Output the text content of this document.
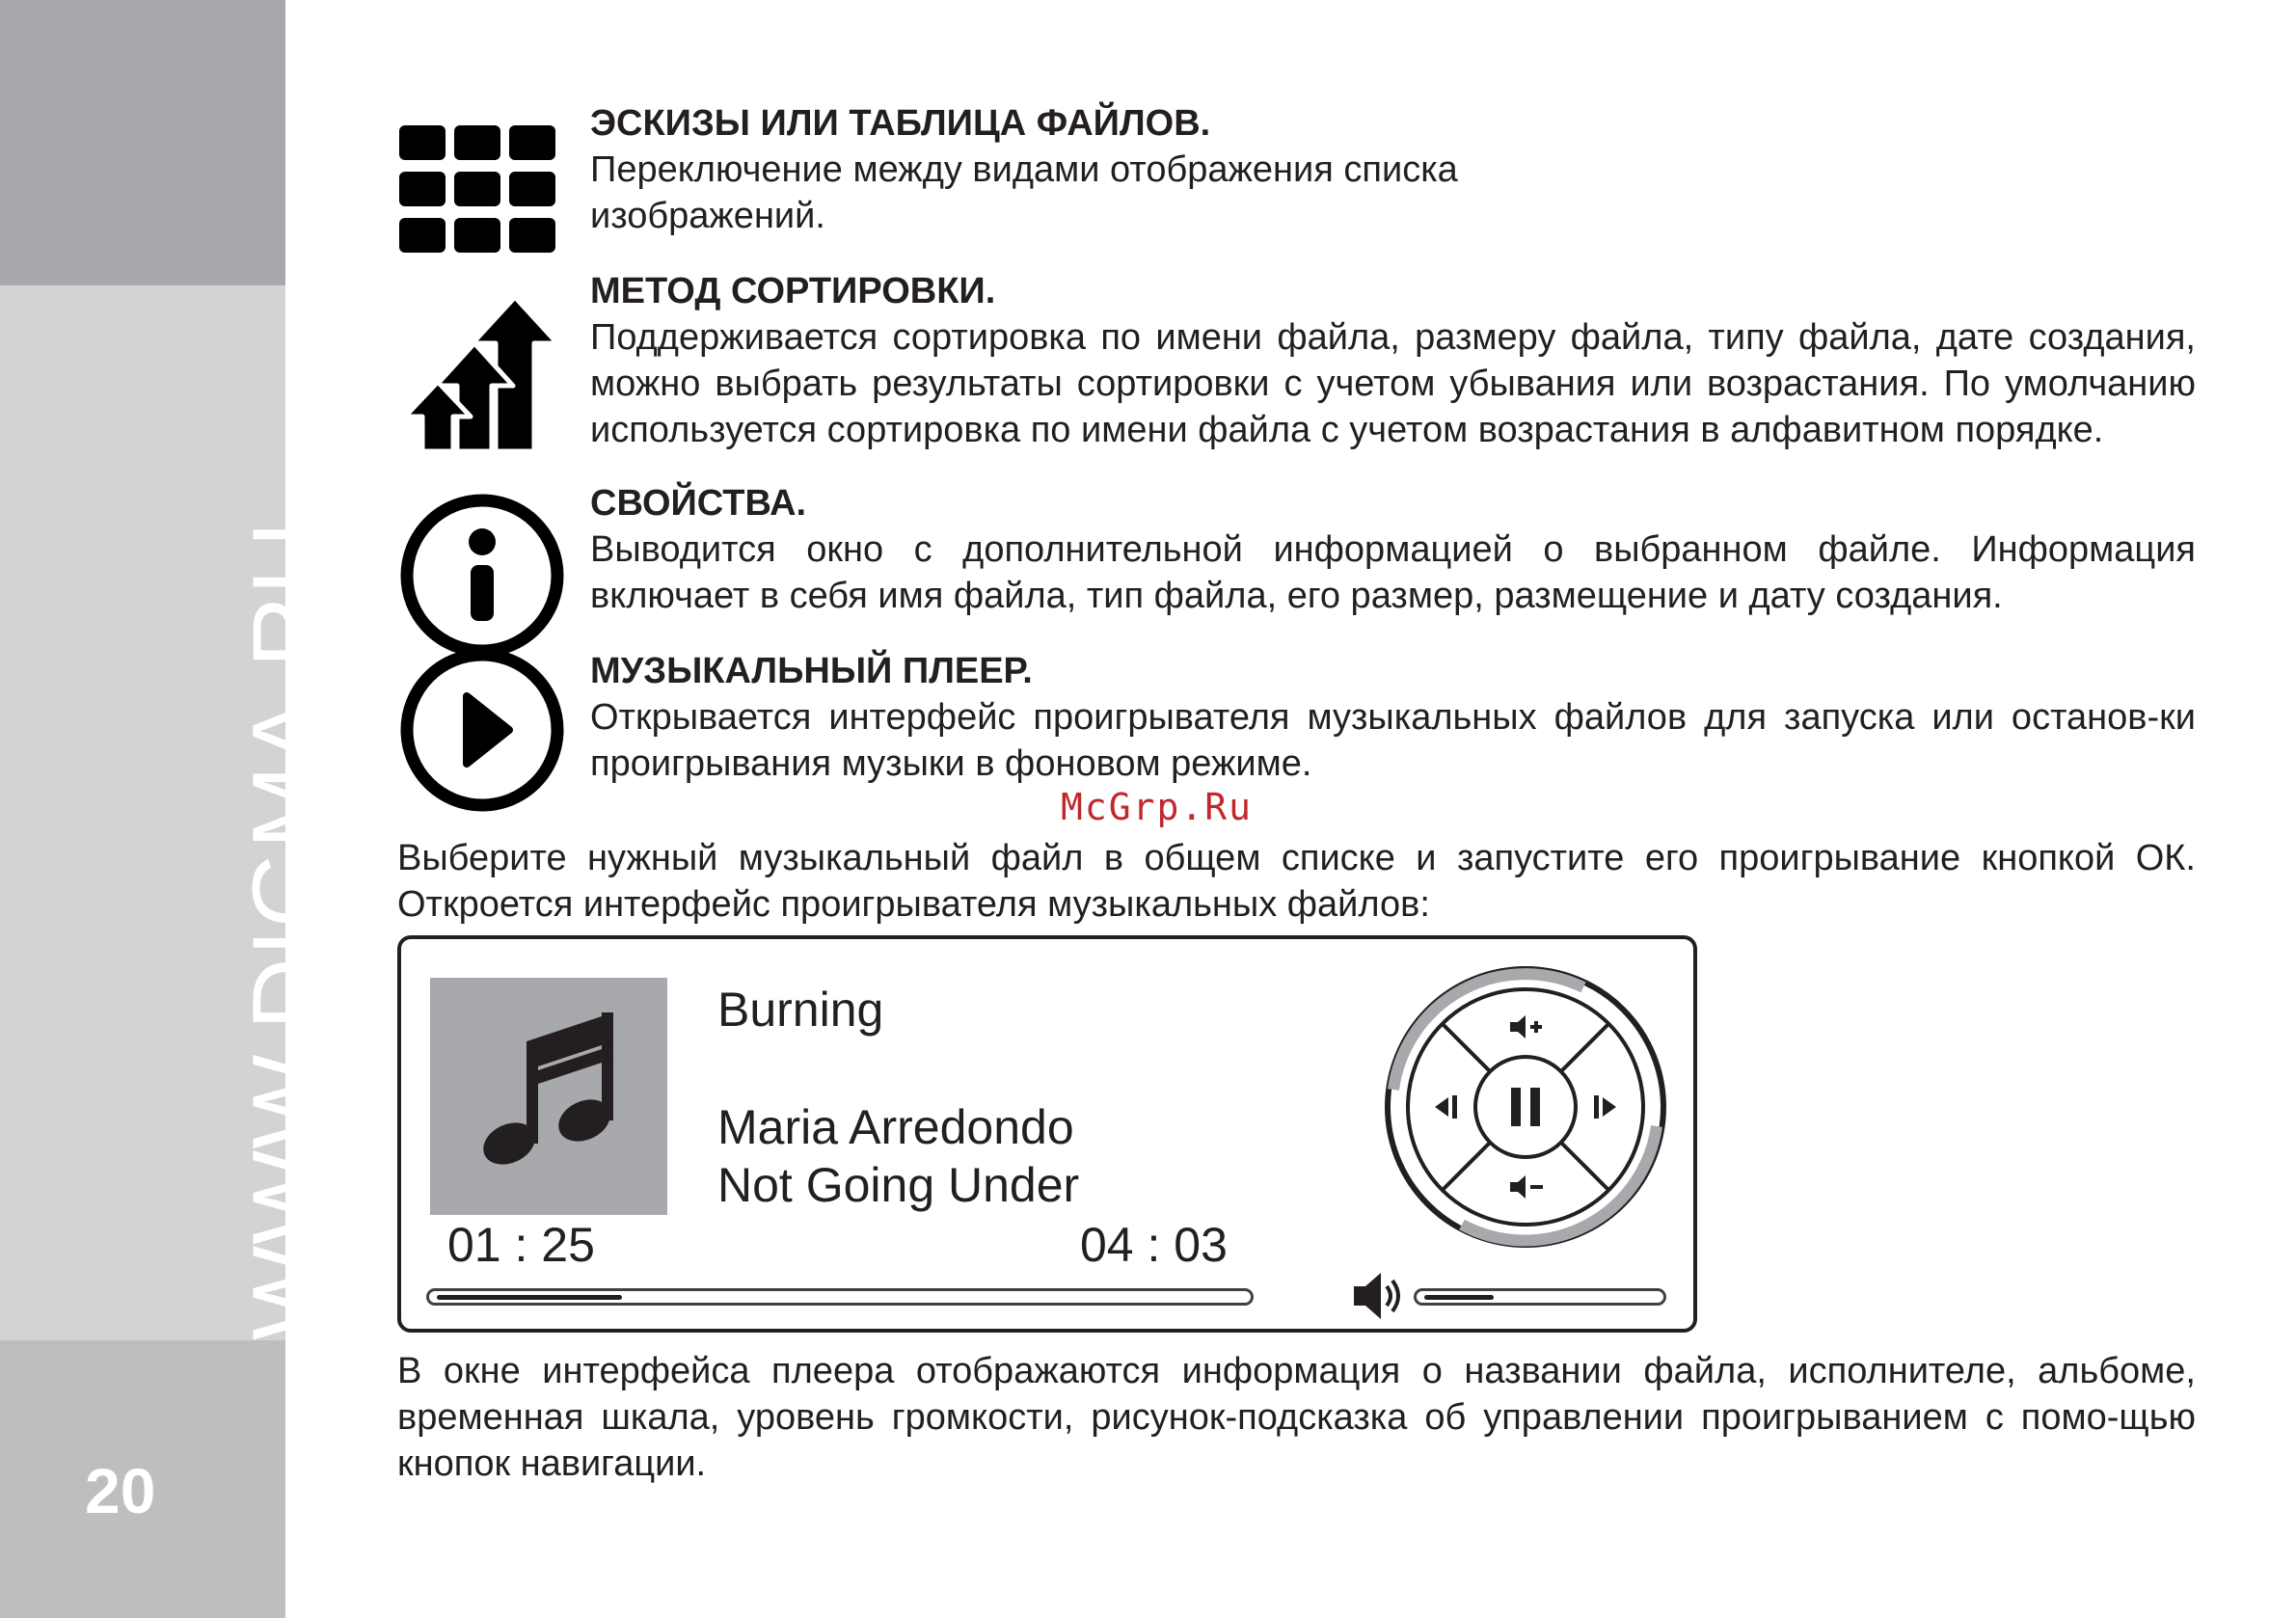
WWW.DIGMA.RU
20
ЭСКИЗЫ ИЛИ ТАБЛИЦА ФАЙЛОВ.
Переключение между видами отображения списка изображений.
МЕТОД СОРТИРОВКИ.
Поддерживается сортировка по имени файла, размеру файла, типу файла, дате создания, можно выбрать результаты сортировки с учетом убывания или возрастания. По умолчанию используется сортировка по имени файла с учетом возрастания в алфавитном порядке.
СВОЙСТВА.
Выводится окно с дополнительной информацией о выбранном файле. Информация включает в себя имя файла, тип файла, его размер, размещение и дату создания.
МУЗЫКАЛЬНЫЙ ПЛЕЕР.
Открывается интерфейс проигрывателя музыкальных файлов для запуска или останов-ки проигрывания музыки в фоновом режиме.
McGrp.Ru
Выберите нужный музыкальный файл в общем списке и запустите его проигрывание кнопкой ОК. Откроется интерфейс проигрывателя музыкальных файлов:
Burning
Maria Arredondo
Not Going Under
01 : 25	04 : 03
В окне интерфейса плеера отображаются информация о названии файла, исполнителе, альбоме, временная шкала, уровень громкости, рисунок-подсказка об управлении проигрыванием с помо-щью кнопок навигации.
